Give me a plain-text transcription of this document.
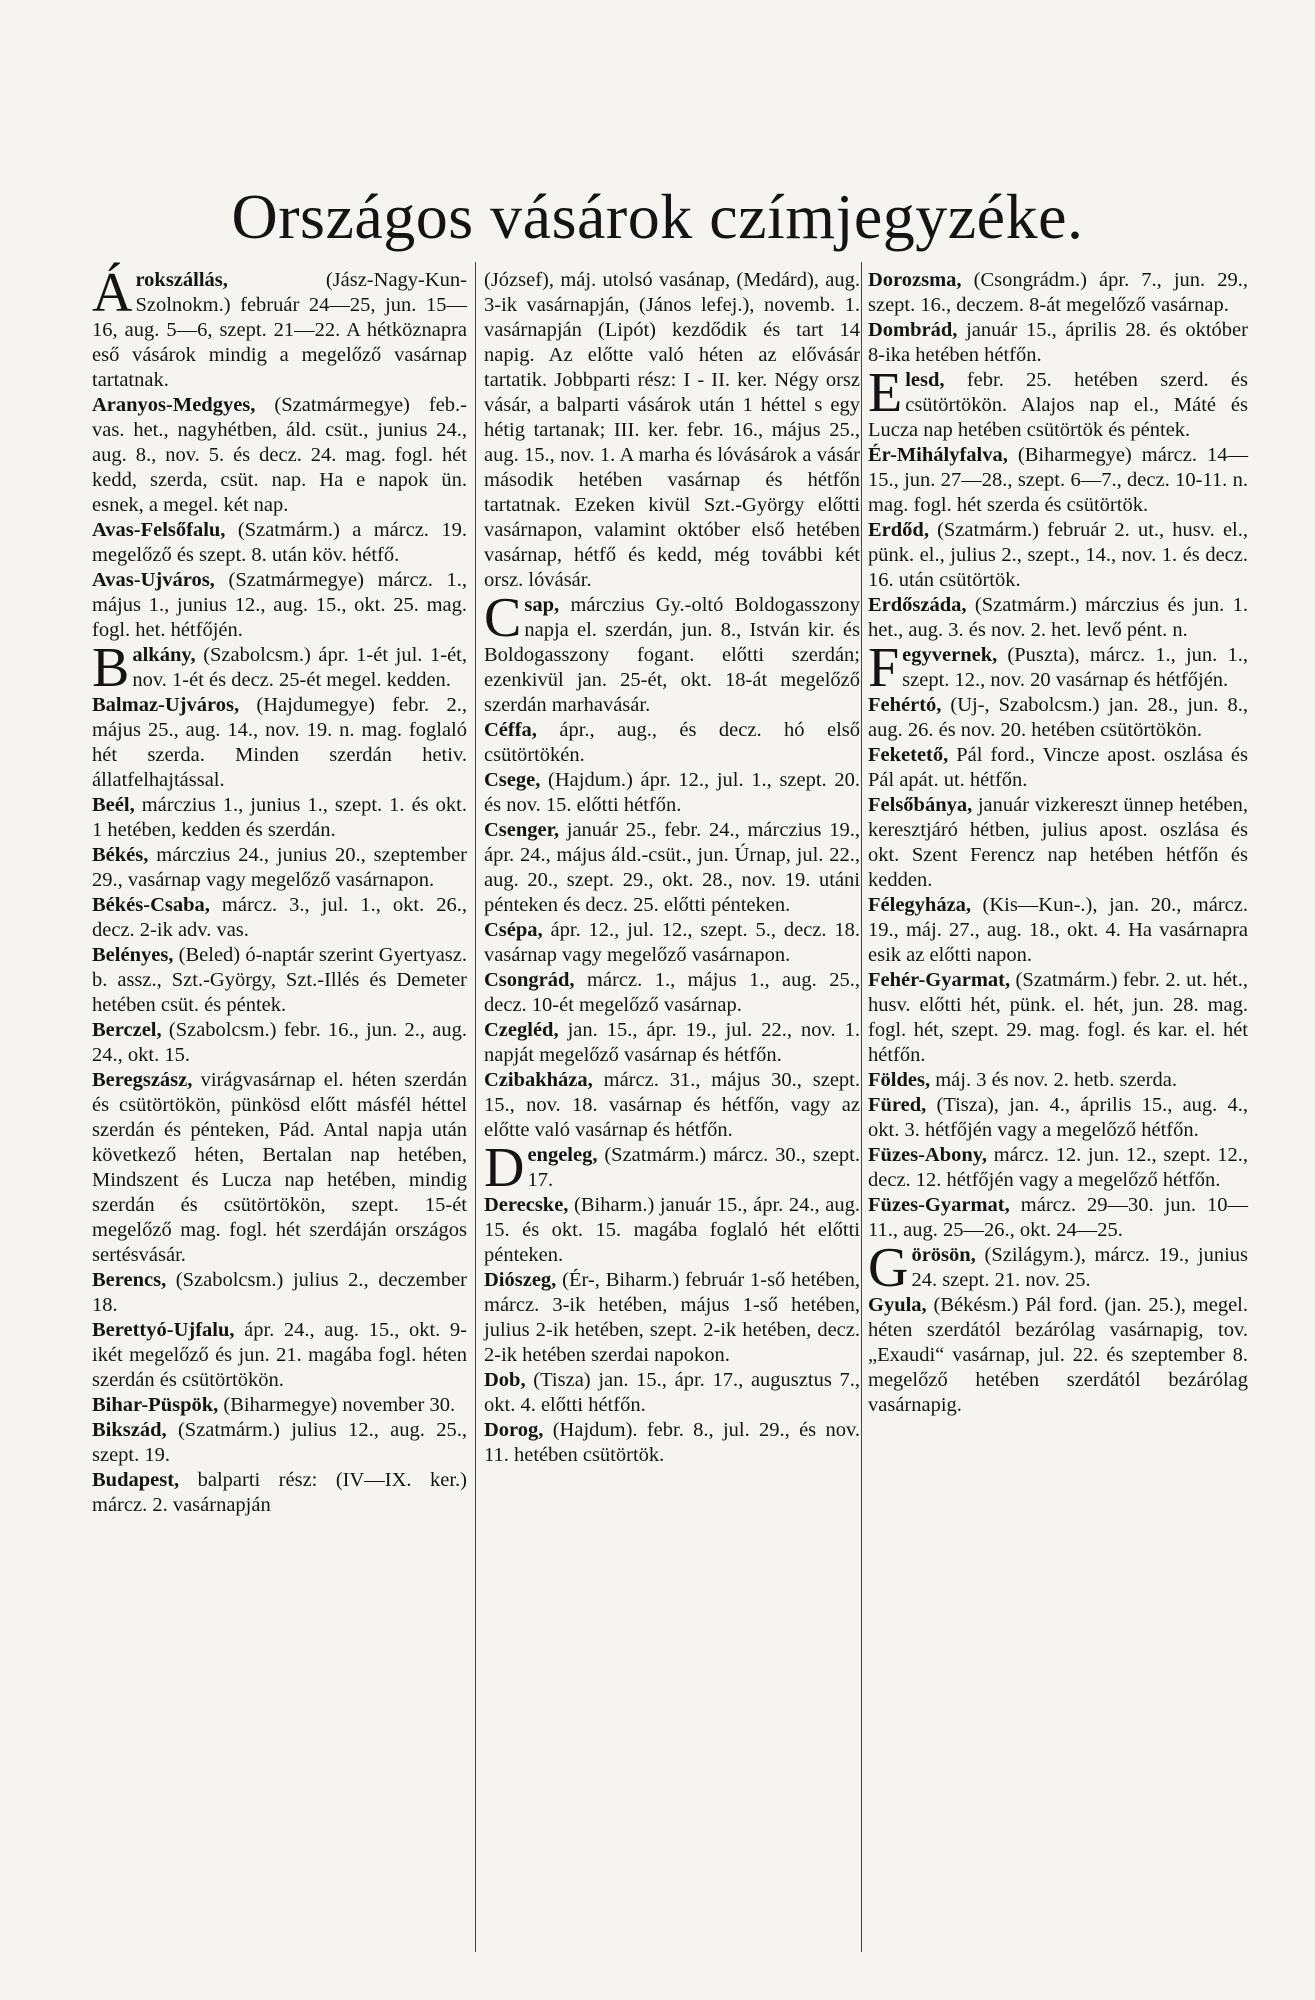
Országos vásárok czímjegyzéke.

Árokszállás, (Jász-Nagy-Kun-Szolnokm.) február 24—25, jun. 15—16, aug. 5—6, szept. 21—22. A hétköznapra eső vásárok mindig a megelőző vasárnap tartatnak.

Aranyos-Medgyes, (Szatmármegye) feb.-vas. het., nagyhétben, áld. csüt., junius 24., aug. 8., nov. 5. és decz. 24. mag. fogl. hét kedd, szerda, csüt. nap. Ha e napok ün. esnek, a megel. két nap.

Avas-Felsőfalu, (Szatmárm.) a márcz. 19. megelőző és szept. 8. után köv. hétfő.

Avas-Ujváros, (Szatmármegye) márcz. 1., május 1., junius 12., aug. 15., okt. 25. mag. fogl. het. hétfőjén.

Balkány, (Szabolcsm.) ápr. 1-ét jul. 1-ét, nov. 1-ét és decz. 25-ét megel. kedden.

Balmaz-Ujváros, (Hajdumegye) febr. 2., május 25., aug. 14., nov. 19. n. mag. foglaló hét szerda. Minden szerdán hetiv. állatfelhajtással.

Beél, márczius 1., junius 1., szept. 1. és okt. 1 hetében, kedden és szerdán.

Békés, márczius 24., junius 20., szeptember 29., vasárnap vagy megelőző vasárnapon.

Békés-Csaba, márcz. 3., jul. 1., okt. 26., decz. 2-ik adv. vas.

Belényes, (Beled) ó-naptár szerint Gyertyasz. b. assz., Szt.-György, Szt.-Illés és Demeter hetében csüt. és péntek.

Berczel, (Szabolcsm.) febr. 16., jun. 2., aug. 24., okt. 15.

Beregszász, virágvasárnap el. héten szerdán és csütörtökön, pünkösd előtt másfél héttel szerdán és pénteken, Pád. Antal napja után következő héten, Bertalan nap hetében, Mindszent és Lucza nap hetében, mindig szerdán és csütörtökön, szept. 15-ét megelőző mag. fogl. hét szerdáján országos sertésvásár.

Berencs, (Szabolcsm.) julius 2., deczember 18.

Berettyó-Ujfalu, ápr. 24., aug. 15., okt. 9-ikét megelőző és jun. 21. magába fogl. héten szerdán és csütörtökön.

Bihar-Püspök, (Biharmegye) november 30.

Bikszád, (Szatmárm.) julius 12., aug. 25., szept. 19.

Budapest, balparti rész: (IV—IX. ker.) márcz. 2. vasárnapján

(József), máj. utolsó vasánap, (Medárd), aug. 3-ik vasárnapján, (János lefej.), novemb. 1. vasárnapján (Lipót) kezdődik és tart 14 napig. Az előtte való héten az elővásár tartatik. Jobbparti rész: I - II. ker. Négy orsz vásár, a balparti vásárok után 1 héttel s egy hétig tartanak; III. ker. febr. 16., május 25., aug. 15., nov. 1. A marha és lóvásárok a vásár második hetében vasárnap és hétfőn tartatnak. Ezeken kivül Szt.-György előtti vasárnapon, valamint október első hetében vasárnap, hétfő és kedd, még további két orsz. lóvásár.

Csap, márczius Gy.-oltó Boldogasszony napja el. szerdán, jun. 8., István kir. és Boldogasszony fogant. előtti szerdán; ezenkivül jan. 25-ét, okt. 18-át megelőző szerdán marhavásár.

Céffa, ápr., aug., és decz. hó első csütörtökén.

Csege, (Hajdum.) ápr. 12., jul. 1., szept. 20. és nov. 15. előtti hétfőn.

Csenger, január 25., febr. 24., márczius 19., ápr. 24., május áld.-csüt., jun. Úrnap, jul. 22., aug. 20., szept. 29., okt. 28., nov. 19. utáni pénteken és decz. 25. előtti pénteken.

Csépa, ápr. 12., jul. 12., szept. 5., decz. 18. vasárnap vagy megelőző vasárnapon.

Csongrád, márcz. 1., május 1., aug. 25., decz. 10-ét megelőző vasárnap.

Czegléd, jan. 15., ápr. 19., jul. 22., nov. 1. napját megelőző vasárnap és hétfőn.

Czibakháza, márcz. 31., május 30., szept. 15., nov. 18. vasárnap és hétfőn, vagy az előtte való vasárnap és hétfőn.

Dengeleg, (Szatmárm.) márcz. 30., szept. 17.

Derecske, (Biharm.) január 15., ápr. 24., aug. 15. és okt. 15. magába foglaló hét előtti pénteken.

Diószeg, (Ér-, Biharm.) február 1-ső hetében, márcz. 3-ik hetében, május 1-ső hetében, julius 2-ik hetében, szept. 2-ik hetében, decz. 2-ik hetében szerdai napokon.

Dob, (Tisza) jan. 15., ápr. 17., augusztus 7., okt. 4. előtti hétfőn.

Dorog, (Hajdum). febr. 8., jul. 29., és nov. 11. hetében csütörtök.

Dorozsma, (Csongrádm.) ápr. 7., jun. 29., szept. 16., deczem. 8-át megelőző vasárnap.

Dombrád, január 15., április 28. és október 8-ika hetében hétfőn.

Elesd, febr. 25. hetében szerd. és csütörtökön. Alajos nap el., Máté és Lucza nap hetében csütörtök és péntek.

Ér-Mihályfalva, (Biharmegye) márcz. 14—15., jun. 27—28., szept. 6—7., decz. 10-11. n. mag. fogl. hét szerda és csütörtök.

Erdőd, (Szatmárm.) február 2. ut., husv. el., pünk. el., julius 2., szept., 14., nov. 1. és decz. 16. után csütörtök.

Erdőszáda, (Szatmárm.) márczius és jun. 1. het., aug. 3. és nov. 2. het. levő pént. n.

Fegyvernek, (Puszta), márcz. 1., jun. 1., szept. 12., nov. 20 vasárnap és hétfőjén.

Fehértó, (Uj-, Szabolcsm.) jan. 28., jun. 8., aug. 26. és nov. 20. hetében csütörtökön.

Feketető, Pál ford., Vincze apost. oszlása és Pál apát. ut. hétfőn.

Felsőbánya, január vizkereszt ünnep hetében, keresztjáró hétben, julius apost. oszlása és okt. Szent Ferencz nap hetében hétfőn és kedden.

Félegyháza, (Kis—Kun-.), jan. 20., márcz. 19., máj. 27., aug. 18., okt. 4. Ha vasárnapra esik az előtti napon.

Fehér-Gyarmat, (Szatmárm.) febr. 2. ut. hét., husv. előtti hét, pünk. el. hét, jun. 28. mag. fogl. hét, szept. 29. mag. fogl. és kar. el. hét hétfőn.

Földes, máj. 3 és nov. 2. hetb. szerda.

Füred, (Tisza), jan. 4., április 15., aug. 4., okt. 3. hétfőjén vagy a megelőző hétfőn.

Füzes-Abony, márcz. 12. jun. 12., szept. 12., decz. 12. hétfőjén vagy a megelőző hétfőn.

Füzes-Gyarmat, márcz. 29—30. jun. 10—11., aug. 25—26., okt. 24—25.

Görösön, (Szilágym.), márcz. 19., junius 24. szept. 21. nov. 25.

Gyula, (Békésm.) Pál ford. (jan. 25.), megel. héten szerdától bezárólag vasárnapig, tov. „Exaudi“ vasárnap, jul. 22. és szeptember 8. megelőző hetében szerdától bezárólag vasárnapig.
